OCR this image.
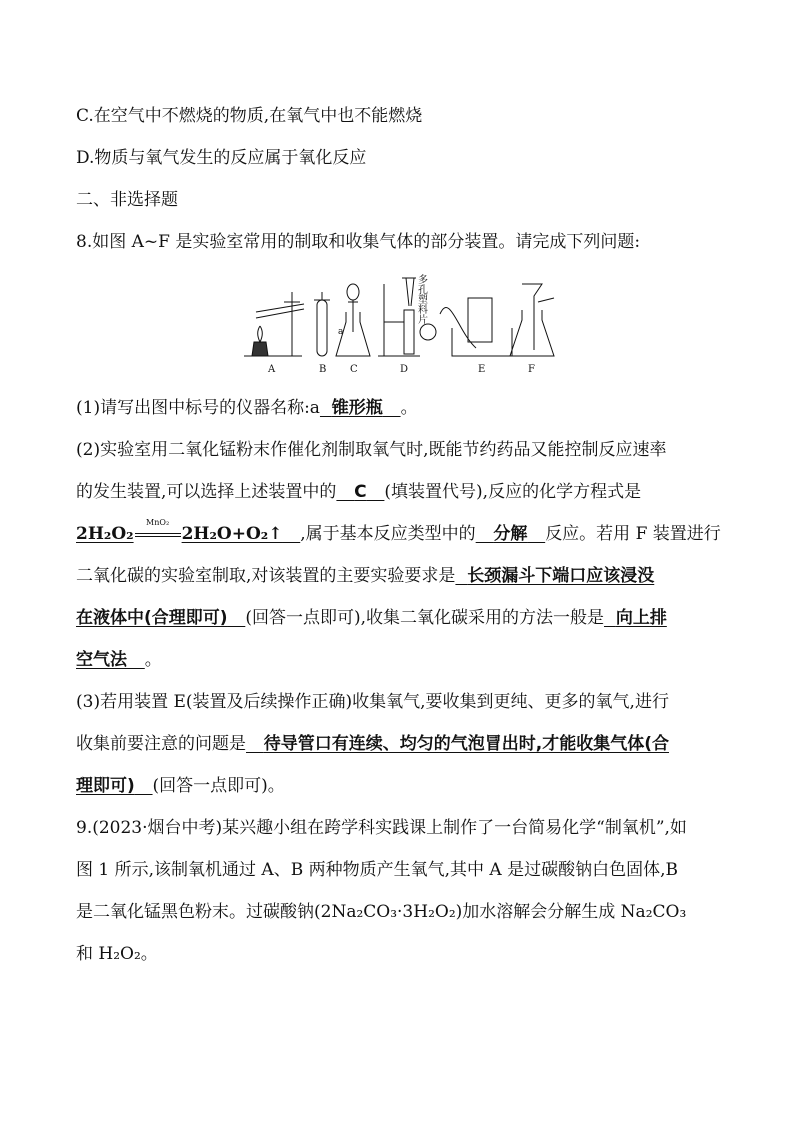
C.在空气中不燃烧的物质,在氧气中也不能燃烧
D.物质与氧气发生的反应属于氧化反应
二、非选择题
8.如图 A~F 是实验室常用的制取和收集气体的部分装置。请完成下列问题:
a
多孔塑料片
A	B C	D	E	F
(1)请写出图中标号的仪器名称:a 锥形瓶 。
(2)实验室用二氧化锰粉末作催化剂制取氧气时,既能节约药品又能控制反应速率
的发生装置,可以选择上述装置中的 C (填装置代号),反应的化学方程式是
2H₂O₂
MnO₂
2H₂O+O₂↑ ,属于基本反应类型中的 分解 反应。若用 F 装置进行
二氧化碳的实验室制取,对该装置的主要实验要求是 长颈漏斗下端口应该浸没
在液体中(合理即可) (回答一点即可),收集二氧化碳采用的方法一般是 向上排
空气法 。
(3)若用装置 E(装置及后续操作正确)收集氧气,要收集到更纯、更多的氧气,进行
收集前要注意的问题是 待导管口有连续、均匀的气泡冒出时,才能收集气体(合
理即可) (回答一点即可)。
9.(2023·烟台中考)某兴趣小组在跨学科实践课上制作了一台简易化学“制氧机”,如
图 1 所示,该制氧机通过 A、B 两种物质产生氧气,其中 A 是过碳酸钠白色固体,B
是二氧化锰黑色粉末。过碳酸钠(2Na₂CO₃·3H₂O₂)加水溶解会分解生成 Na₂CO₃
和 H₂O₂。
